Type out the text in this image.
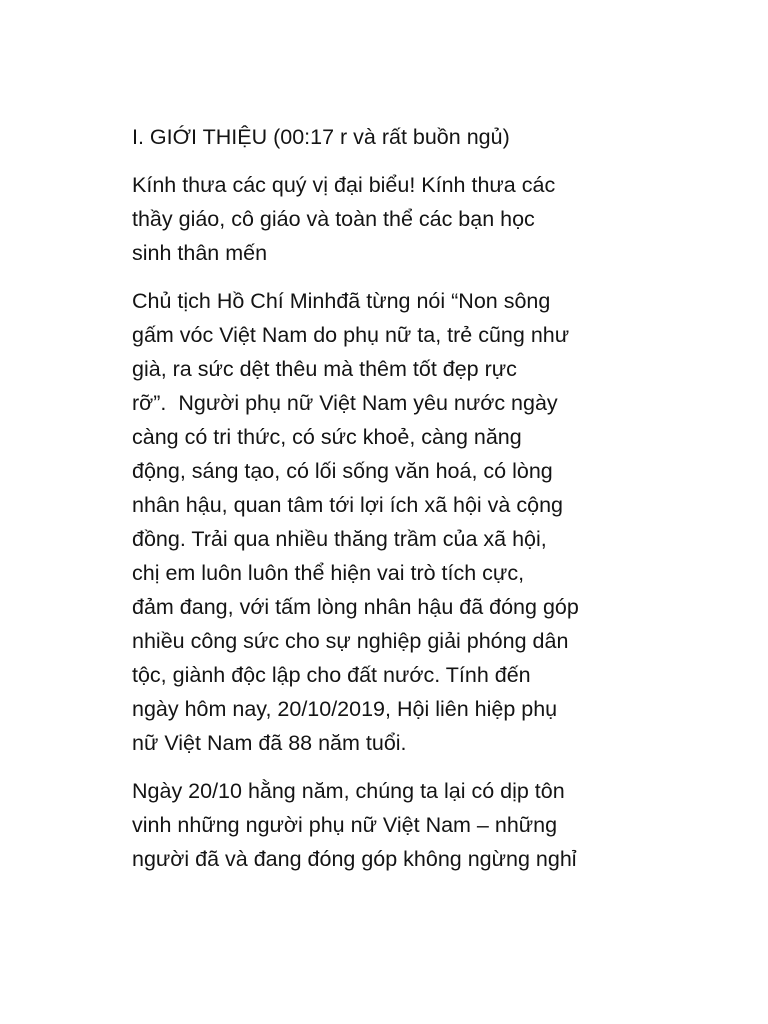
I. GIỚI THIỆU (00:17 r và rất buồn ngủ)
Kính thưa các quý vị đại biểu! Kính thưa các
thầy giáo, cô giáo và toàn thể các bạn học
sinh thân mến
Chủ tịch Hồ Chí Minhđã từng nói “Non sông
gấm vóc Việt Nam do phụ nữ ta, trẻ cũng như
già, ra sức dệt thêu mà thêm tốt đẹp rực
rỡ”.  Người phụ nữ Việt Nam yêu nước ngày
càng có tri thức, có sức khoẻ, càng năng
động, sáng tạo, có lối sống văn hoá, có lòng
nhân hậu, quan tâm tới lợi ích xã hội và cộng
đồng. Trải qua nhiều thăng trầm của xã hội,
chị em luôn luôn thể hiện vai trò tích cực,
đảm đang, với tấm lòng nhân hậu đã đóng góp
nhiều công sức cho sự nghiệp giải phóng dân
tộc, giành độc lập cho đất nước. Tính đến
ngày hôm nay, 20/10/2019, Hội liên hiệp phụ
nữ Việt Nam đã 88 năm tuổi.
Ngày 20/10 hằng năm, chúng ta lại có dịp tôn
vinh những người phụ nữ Việt Nam – những
người đã và đang đóng góp không ngừng nghỉ
